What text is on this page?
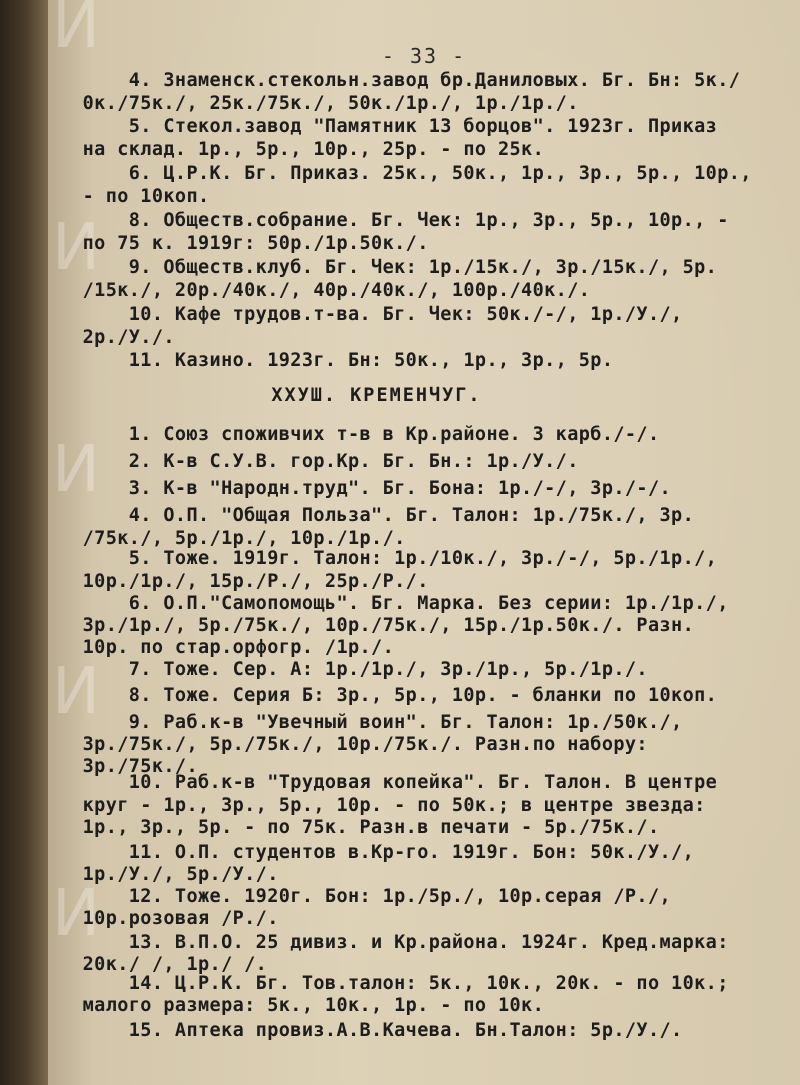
И
И
И
И
И
- 33 -
4. Знаменск.стекольн.завод бр.Даниловых. Бг. Бн: 5к./
0к./75к./, 25к./75к./, 50к./1р./, 1р./1р./.
5. Стекол.завод "Памятник 13 борцов". 1923г. Приказ
на склад. 1р., 5р., 10р., 25р. - по 25к.
6. Ц.Р.К. Бг. Приказ. 25к., 50к., 1р., 3р., 5р., 10р.,
- по 10коп.
8. Обществ.собрание. Бг. Чек: 1р., 3р., 5р., 10р., -
по 75 к. 1919г: 50р./1р.50к./.
9. Обществ.клуб. Бг. Чек: 1р./15к./, 3р./15к./, 5р.
/15к./, 20р./40к./, 40р./40к./, 100р./40к./.
10. Кафе трудов.т-ва. Бг. Чек: 50к./-/, 1р./У./,
2р./У./.
11. Казино. 1923г. Бн: 50к., 1р., 3р., 5р.
ХХУШ. КРЕМЕНЧУГ.
1. Союз споживчих т-в в Кр.районе. 3 карб./-/.
2. К-в С.У.В. гор.Кр. Бг. Бн.: 1р./У./.
3. К-в "Народн.труд". Бг. Бона: 1р./-/, 3р./-/.
4. О.П. "Общая Польза". Бг. Талон: 1р./75к./, 3р.
/75к./, 5р./1р./, 10р./1р./.
5. Тоже. 1919г. Талон: 1р./10к./, 3р./-/, 5р./1р./,
10р./1р./, 15р./Р./, 25р./Р./.
6. О.П."Самопомощь". Бг. Марка. Без серии: 1р./1р./,
3р./1р./, 5р./75к./, 10р./75к./, 15р./1р.50к./. Разн.
10р. по стар.орфогр. /1р./.
7. Тоже. Сер. А: 1р./1р./, 3р./1р., 5р./1р./.
8. Тоже. Серия Б: 3р., 5р., 10р. - бланки по 10коп.
9. Раб.к-в "Увечный воин". Бг. Талон: 1р./50к./,
3р./75к./, 5р./75к./, 10р./75к./. Разн.по набору:
3р./75к./.
10. Раб.к-в "Трудовая копейка". Бг. Талон. В центре
круг - 1р., 3р., 5р., 10р. - по 50к.; в центре звезда:
1р., 3р., 5р. - по 75к. Разн.в печати - 5р./75к./.
11. О.П. студентов в.Кр-го. 1919г. Бон: 50к./У./,
1р./У./, 5р./У./.
12. Тоже. 1920г. Бон: 1р./5р./, 10р.серая /Р./,
10р.розовая /Р./.
13. В.П.О. 25 дивиз. и Кр.района. 1924г. Кред.марка:
20к./ /, 1р./ /.
14. Ц.Р.К. Бг. Тов.талон: 5к., 10к., 20к. - по 10к.;
малого размера: 5к., 10к., 1р. - по 10к.
15. Аптека провиз.А.В.Качева. Бн.Талон: 5р./У./.
